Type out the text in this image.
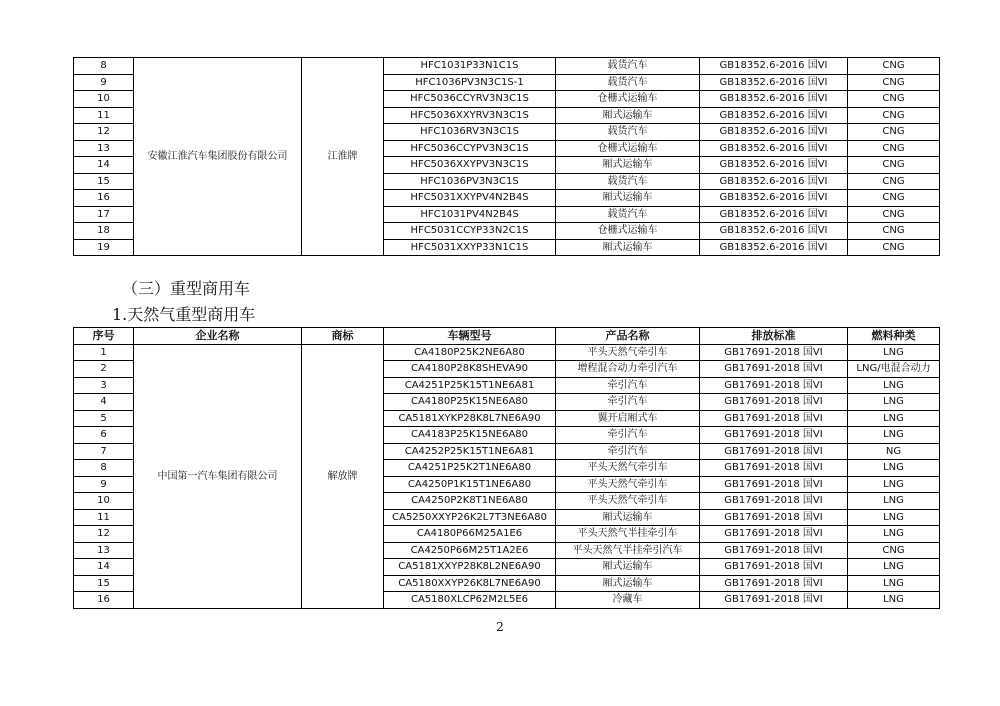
8	安徽江淮汽车集团股份有限公司	江淮牌	HFC1031P33N1C1S	载货汽车	GB18352.6-2016 国VI	CNG
9			HFC1036PV3N3C1S-1	载货汽车	GB18352.6-2016 国VI	CNG
10			HFC5036CCYRV3N3C1S	仓栅式运输车	GB18352.6-2016 国VI	CNG
11			HFC5036XXYRV3N3C1S	厢式运输车	GB18352.6-2016 国VI	CNG
12			HFC1036RV3N3C1S	载货汽车	GB18352.6-2016 国VI	CNG
13			HFC5036CCYPV3N3C1S	仓栅式运输车	GB18352.6-2016 国VI	CNG
14			HFC5036XXYPV3N3C1S	厢式运输车	GB18352.6-2016 国VI	CNG
15			HFC1036PV3N3C1S	载货汽车	GB18352.6-2016 国VI	CNG
16			HFC5031XXYPV4N2B4S	厢式运输车	GB18352.6-2016 国VI	CNG
17			HFC1031PV4N2B4S	载货汽车	GB18352.6-2016 国VI	CNG
18			HFC5031CCYP33N2C1S	仓栅式运输车	GB18352.6-2016 国VI	CNG
19			HFC5031XXYP33N1C1S	厢式运输车	GB18352.6-2016 国VI	CNG
（三）重型商用车
1.天然气重型商用车
序号	企业名称	商标	车辆型号	产品名称	排放标准	燃料种类
1	中国第一汽车集团有限公司	解放牌	CA4180P25K2NE6A80	平头天然气牵引车	GB17691-2018 国VI	LNG
2			CA4180P28K8SHEVA90	增程混合动力牵引汽车	GB17691-2018 国VI	LNG/电混合动力
3			CA4251P25K15T1NE6A81	牵引汽车	GB17691-2018 国VI	LNG
4			CA4180P25K15NE6A80	牵引汽车	GB17691-2018 国VI	LNG
5			CA5181XYKP28K8L7NE6A90	翼开启厢式车	GB17691-2018 国VI	LNG
6			CA4183P25K15NE6A80	牵引汽车	GB17691-2018 国VI	LNG
7			CA4252P25K15T1NE6A81	牵引汽车	GB17691-2018 国VI	NG
8			CA4251P25K2T1NE6A80	平头天然气牵引车	GB17691-2018 国VI	LNG
9			CA4250P1K15T1NE6A80	平头天然气牵引车	GB17691-2018 国VI	LNG
10			CA4250P2K8T1NE6A80	平头天然气牵引车	GB17691-2018 国VI	LNG
11			CA5250XXYP26K2L7T3NE6A80	厢式运输车	GB17691-2018 国VI	LNG
12			CA4180P66M25A1E6	平头天然气半挂牵引车	GB17691-2018 国VI	LNG
13			CA4250P66M25T1A2E6	平头天然气半挂牵引汽车	GB17691-2018 国VI	CNG
14			CA5181XXYP28K8L2NE6A90	厢式运输车	GB17691-2018 国VI	LNG
15			CA5180XXYP26K8L7NE6A90	厢式运输车	GB17691-2018 国VI	LNG
16			CA5180XLCP62M2L5E6	冷藏车	GB17691-2018 国VI	LNG
2
